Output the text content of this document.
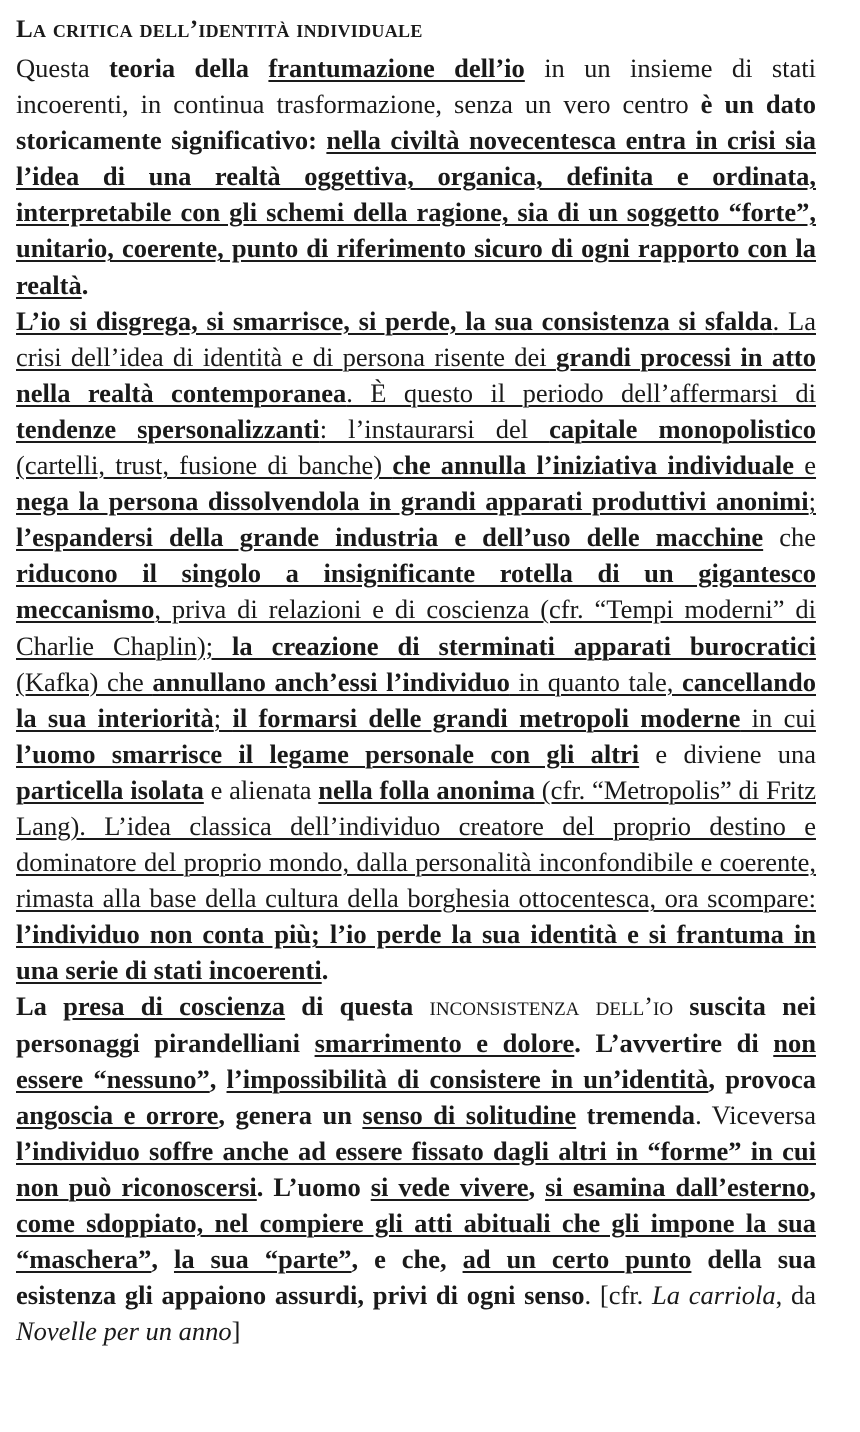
La critica dell’identità individuale

Questa teoria della frantumazione dell’io in un insieme di stati incoerenti, in continua trasformazione, senza un vero centro è un dato storicamente significativo: nella civiltà novecentesca entra in crisi sia l’idea di una realtà oggettiva, organica, definita e ordinata, interpretabile con gli schemi della ragione, sia di un soggetto “forte”, unitario, coerente, punto di riferimento sicuro di ogni rapporto con la realtà.

L’io si disgrega, si smarrisce, si perde, la sua consistenza si sfalda. La crisi dell’idea di identità e di persona risente dei grandi processi in atto nella realtà contemporanea. È questo il periodo dell’affermarsi di tendenze spersonalizzanti: l’instaurarsi del capitale monopolistico (cartelli, trust, fusione di banche) che annulla l’iniziativa individuale e nega la persona dissolvendola in grandi apparati produttivi anonimi; l’espandersi della grande industria e dell’uso delle macchine che riducono il singolo a insignificante rotella di un gigantesco meccanismo, priva di relazioni e di coscienza (cfr. “Tempi moderni” di Charlie Chaplin); la creazione di sterminati apparati burocratici (Kafka) che annullano anch’essi l’individuo in quanto tale, cancellando la sua interiorità; il formarsi delle grandi metropoli moderne in cui l’uomo smarrisce il legame personale con gli altri e diviene una particella isolata e alienata nella folla anonima (cfr. “Metropolis” di Fritz Lang). L’idea classica dell’individuo creatore del proprio destino e dominatore del proprio mondo, dalla personalità inconfondibile e coerente, rimasta alla base della cultura della borghesia ottocentesca, ora scompare: l’individuo non conta più; l’io perde la sua identità e si frantuma in una serie di stati incoerenti.

La presa di coscienza di questa inconsistenza dell’io suscita nei personaggi pirandelliani smarrimento e dolore. L’avvertire di non essere “nessuno”, l’impossibilità di consistere in un’identità, provoca angoscia e orrore, genera un senso di solitudine tremenda. Viceversa l’individuo soffre anche ad essere fissato dagli altri in “forme” in cui non può riconoscersi. L’uomo si vede vivere, si esamina dall’esterno, come sdoppiato, nel compiere gli atti abituali che gli impone la sua “maschera”, la sua “parte”, e che, ad un certo punto della sua esistenza gli appaiono assurdi, privi di ogni senso. [cfr. La carriola, da Novelle per un anno]
